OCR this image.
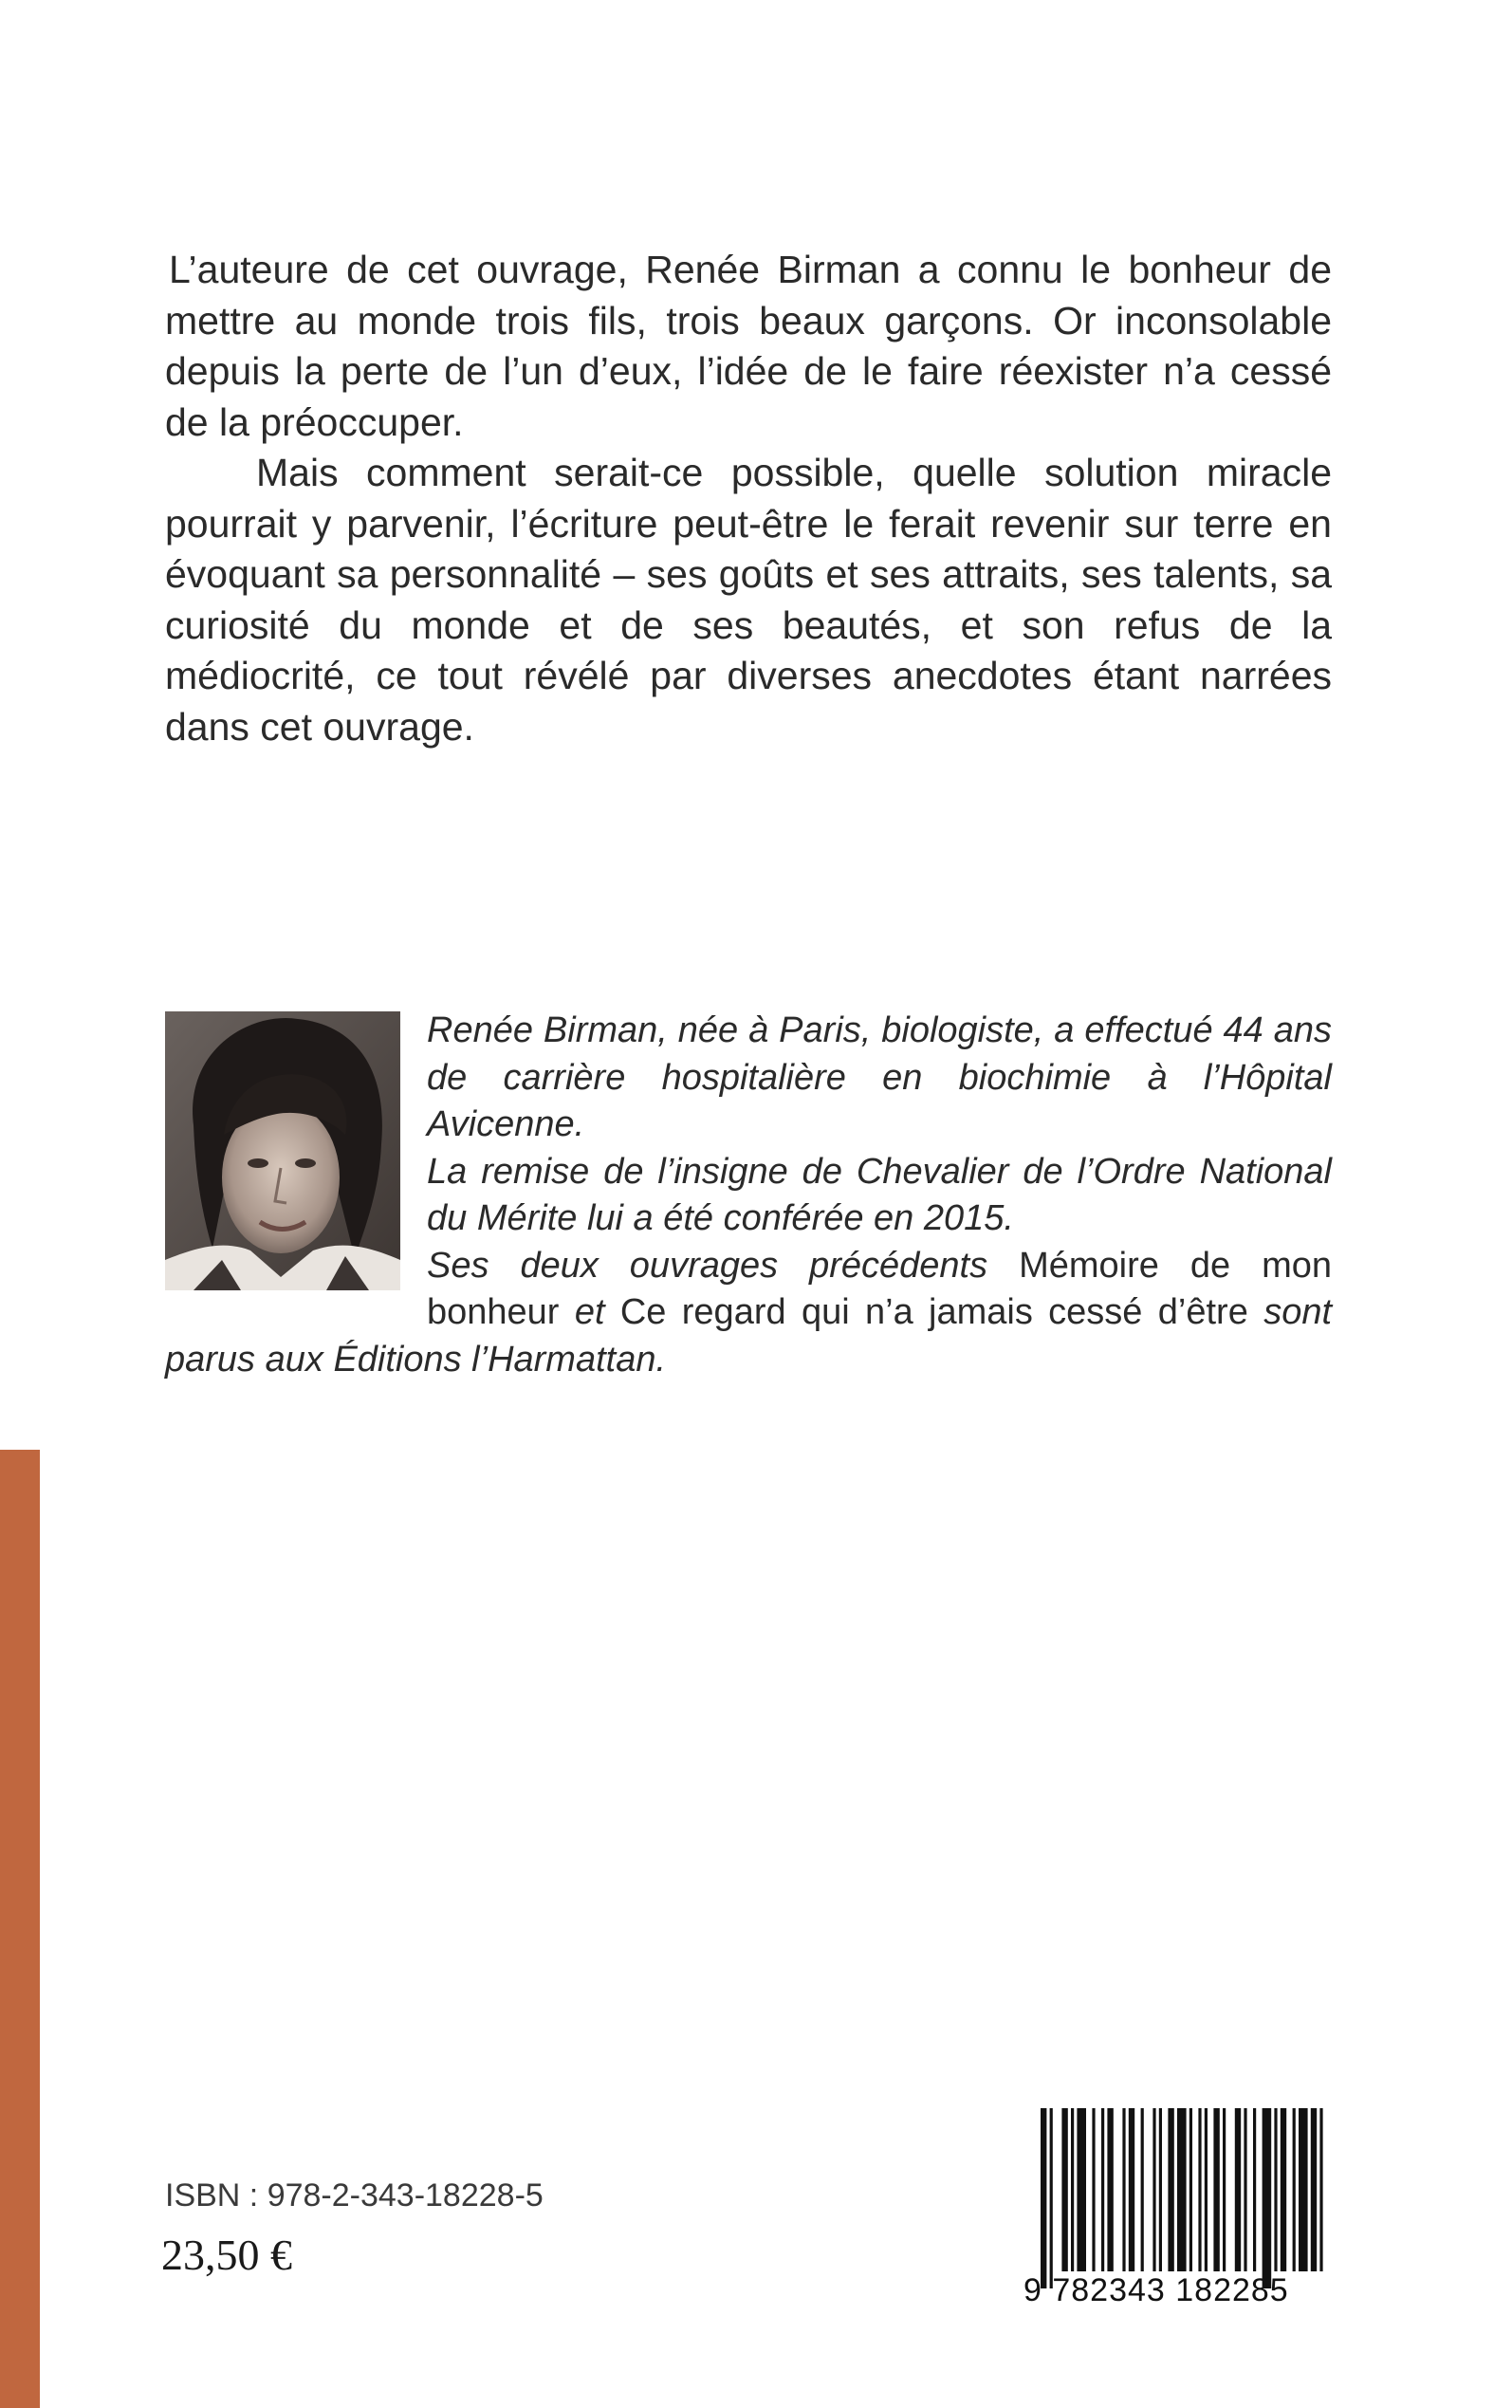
L’auteure de cet ouvrage, Renée Birman a connu le bonheur de mettre au monde trois fils, trois beaux garçons. Or inconsolable depuis la perte de l’un d’eux, l’idée de le faire réexister n’a cessé de la préoccuper.

Mais comment serait-ce possible, quelle solution miracle pourrait y parvenir, l’écriture peut-être le ferait revenir sur terre en évoquant sa personnalité – ses goûts et ses attraits, ses talents, sa curiosité du monde et de ses beautés, et son refus de la médiocrité, ce tout révélé par diverses anecdotes étant narrées dans cet ouvrage.

Renée Birman, née à Paris, biologiste, a effectué 44 ans de carrière hospitalière en biochimie à l’Hôpital Avicenne.

La remise de l’insigne de Chevalier de l’Ordre National du Mérite lui a été conférée en 2015.

Ses deux ouvrages précédents Mémoire de mon bonheur et Ce regard qui n’a jamais cessé d’être sont parus aux Éditions l’Harmattan.

ISBN : 978-2-343-18228-5
23,50 €
9 782343 182285
